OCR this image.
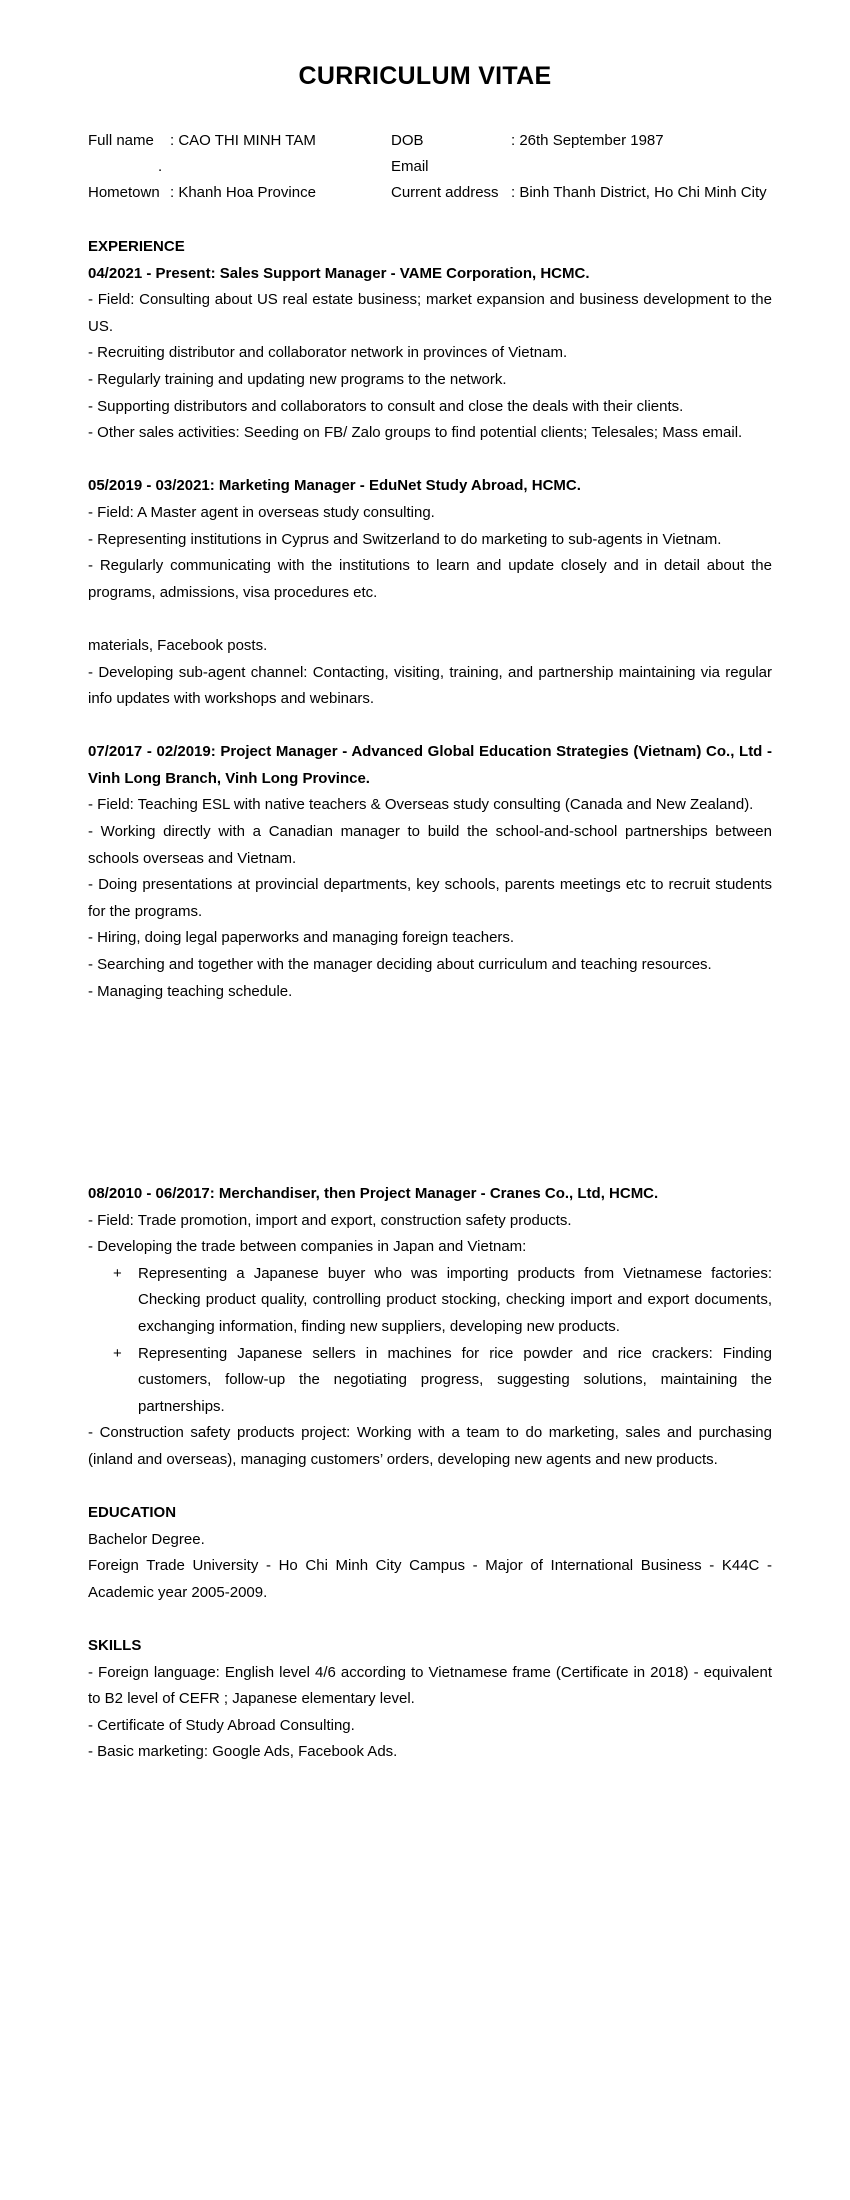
CURRICULUM VITAE
Full name : CAO THI MINH TAM
.
Hometown : Khanh Hoa Province
DOB	: 26th September 1987
Email
Current address : Binh Thanh District, Ho Chi Minh City

EXPERIENCE

04/2021 - Present: Sales Support Manager - VAME Corporation, HCMC.

- Field: Consulting about US real estate business; market expansion and business development to the US.

- Recruiting distributor and collaborator network in provinces of Vietnam.

- Regularly training and updating new programs to the network.

- Supporting distributors and collaborators to consult and close the deals with their clients.

- Other sales activities: Seeding on FB/ Zalo groups to find potential clients; Telesales; Mass email.

05/2019 - 03/2021: Marketing Manager - EduNet Study Abroad, HCMC.

- Field: A Master agent in overseas study consulting.

- Representing institutions in Cyprus and Switzerland to do marketing to sub-agents in Vietnam.

- Regularly communicating with the institutions to learn and update closely and in detail about the programs, admissions, visa procedures etc.

materials, Facebook posts.

- Developing sub-agent channel: Contacting, visiting, training, and partnership maintaining via regular info updates with workshops and webinars.

07/2017 - 02/2019: Project Manager - Advanced Global Education Strategies (Vietnam) Co., Ltd - Vinh Long Branch, Vinh Long Province.

- Field: Teaching ESL with native teachers & Overseas study consulting (Canada and New Zealand).

- Working directly with a Canadian manager to build the school-and-school partnerships between schools overseas and Vietnam.

- Doing presentations at provincial departments, key schools, parents meetings etc to recruit students for the programs.

- Hiring, doing legal paperworks and managing foreign teachers.

- Searching and together with the manager deciding about curriculum and teaching resources.

- Managing teaching schedule.

08/2010 - 06/2017: Merchandiser, then Project Manager - Cranes Co., Ltd, HCMC.

- Field: Trade promotion, import and export, construction safety products.

- Developing the trade between companies in Japan and Vietnam:

+ Representing a Japanese buyer who was importing products from Vietnamese factories: Checking product quality, controlling product stocking, checking import and export documents, exchanging information, finding new suppliers, developing new products.
+ Representing Japanese sellers in machines for rice powder and rice crackers: Finding customers, follow-up the negotiating progress, suggesting solutions, maintaining the partnerships.

- Construction safety products project: Working with a team to do marketing, sales and purchasing (inland and overseas), managing customers’ orders, developing new agents and new products.

EDUCATION

Bachelor Degree.

Foreign Trade University - Ho Chi Minh City Campus - Major of International Business - K44C - Academic year 2005-2009.

SKILLS

- Foreign language: English level 4/6 according to Vietnamese frame (Certificate in 2018) - equivalent to B2 level of CEFR ; Japanese elementary level.

- Certificate of Study Abroad Consulting.

- Basic marketing: Google Ads, Facebook Ads.
